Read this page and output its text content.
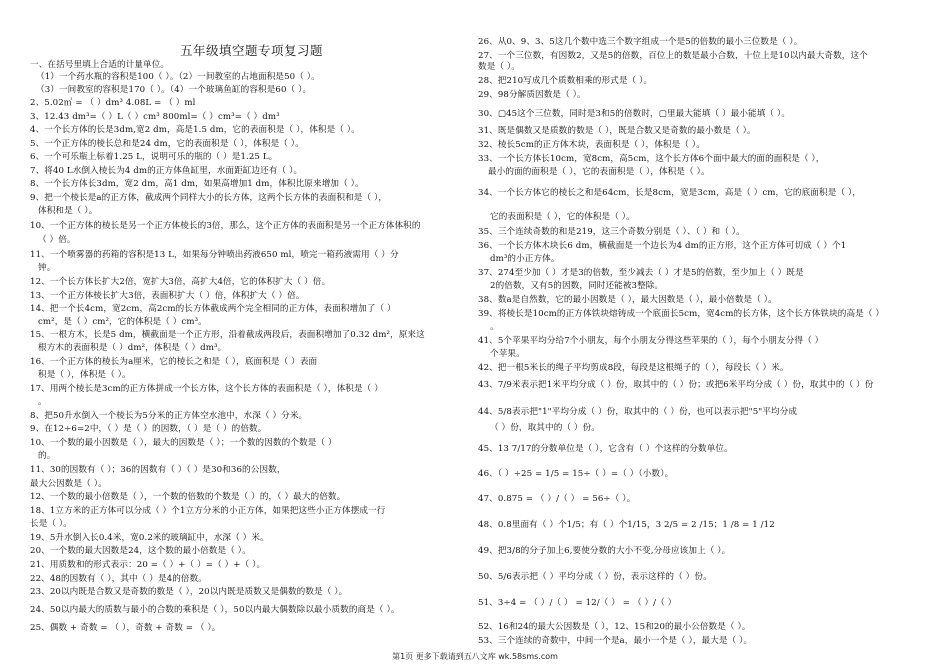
五年级填空题专项复习题
一、在括号里填上合适的计量单位。
（1）一个药水瓶的容积是100（ ）。（2）一间教室的占地面积是50（ ）。
（3）一间教室的容积是170（ ）。（4）一个玻璃鱼缸的容积是60（ ）。
2、5.02㎥ = （ ）dm³ 4.08L = （ ）ml
3、12.43 dm³=（ ）L（ ）cm³ 800ml=（ ）cm³=（ ）dm³
4、一个长方体的长是3dm,宽2 dm，高是1.5 dm，它的表面积是（ ），体积是（ ）。
5、一个正方体的棱长总和是24 dm，它的表面积是（ ），体积是（ ）。
6、一个可乐瓶上标着1.25 L，说明可乐的瓶的（ ）是1.25 L。
7、将40 L水倒入棱长为4 dm的正方体鱼缸里，水面距缸边还有（ ）。
8、一个长方体长3dm，宽2 dm，高1 dm，如果高增加1 dm，体积比原来增加（ ）。
9、把一个棱长是a的正方体，截成两个同样大小的长方体，这两个长方体的表面积和是（ ），
体积和是（ ）。
10、一个正方体的棱长是另一个正方体棱长的3倍，那么，这个正方体的表面积是另一个正方体体积的
（ ）倍。
11、一个喷雾器的药箱的容积是13 L，如果每分钟喷出药液650 ml，喷完一箱药液需用（ ）分
钟。
12、一个长方体长扩大2倍，宽扩大3倍，高扩大4倍，它的体积扩大（ ）倍。
13、一个正方体棱长扩大3倍，表面积扩大（ ）倍，体积扩大（ ）倍。
14、把一个长4cm，宽2cm，高2cm的长方体截成两个完全相同的正方体，表面积增加了（ ）
cm²，是（ ）cm²，它的体积是（ ）cm³。
15、一根方木，长是5 dm，横截面是一个正方形，沿着截成两段后，表面积增加了0.32 dm²，原来这
根方木的表面积是（ ）dm²，体积是（ ）dm³。
16、一个正方体的棱长为a厘米，它的棱长之和是（ ），底面积是（ ）表面
积是（ ），体积是（ ）。
17、用两个棱长是3cm的正方体拼成一个长方体，这个长方体的表面积是（ ），体积是（ ）
。
8、把50升水倒入一个棱长为5分米的正方体空水池中，水深（ ）分米。
9、在12÷6=2中，（ ）是（ ）的因数，（ ）是（ ）的倍数。
10、一个数的最小因数是（ ），最大的因数是（ ）；一个数的因数的个数是（ ）
的。
11、30的因数有（ ）；36的因数有（ ）（ ）是30和36的公因数，
最大公因数是（ ）。
12、一个数的最小倍数是（ ），一个数的倍数的个数是（ ）的，（ ）最大的倍数。
18、1立方米的正方体可以分成（ ）个1立方分米的小正方体，如果把这些小正方体摆成一行
长是（ ）。
19、5升水倒入长0.4米，宽0.2米的玻璃缸中，水深（ ）米。
20、一个数的最大因数是24，这个数的最小倍数是（ ）。
21、用质数和的形式表示：20 =（ ）+（ ）=（ ）+（ ）。
22、48的因数有（ ），其中（ ）是4的倍数。
23、20以内既是合数又是奇数的数是（ ），20以内既是质数又是偶数的数是（ ）。
24、50以内最大的质数与最小的合数的乘积是（ ），50以内最大偶数除以最小质数的商是（ ）。
25、偶数 + 奇数 = （ ），奇数 + 奇数 = （ ）。
26、从0、9、3、5这几个数中选三个数字组成一个是5的倍数的最小三位数是（ ）。
27、一个三位数，有因数2，又是5的倍数，百位上的数是最小合数，十位上是10以内最大奇数，这个
数是（ ）。
28、把210写成几个质数相乘的形式是（ ）。
29、98分解质因数是（ ）。
30、▢45这个三位数，同时是3和5的倍数时，▢里最大能填（ ）最小能填（ ）。
31、既是偶数又是质数的数是（ ），既是合数又是奇数的最小数是（ ）。
32、棱长5cm的正方体木块，表面积是（ ），体积是（ ）。
33、一个长方体长10cm，宽8cm，高5cm，这个长方体6个面中最大的面的面积是（ ），
最小的面的面积是（ ），它的表面积是（ ），体积是（ ）。
34、一个长方体它的棱长之和是64cm，长是8cm，宽是3cm，高是（ ）cm，它的底面积是（ ），
它的表面积是（ ），它的体积是（ ）。
35、三个连续奇数的和是219，这三个奇数分别是（ ）、（ ）和（ ）。
36、一个长方体木块长6 dm，横截面是一个边长为4 dm的正方形，这个正方体可切成（ ）个1
dm³的小正方体。
37、274至少加（ ）才是3的倍数，至少减去（ ）才是5的倍数，至少加上（ ）既是
2的倍数，又有5的因数，同时还能被3整除。
38、数a是自然数，它的最小因数是（ ），最大因数是（ ），最小倍数是（ ）。
39、将棱长是10cm的正方体铁块熔铸成一个底面长5cm，宽4cm的长方体，这个长方体铁块的高是（ ）
。
41、5个苹果平均分给7个小朋友，每个小朋友分得这些苹果的（ ），每个小朋友分得（ ）
个苹果。
42、把一根5米长的绳子平均剪成8段，每段是这根绳子的（ ），每段长（ ）米。
43、7/9米表示把1米平均分成（ ）份，取其中的（ ）份；或把6米平均分成（ ）份，取其中的（ ）份
44、5/8表示把"1"平均分成（ ）份，取其中的（ ）份，也可以表示把"5"平均分成
（ ）份，取其中的（ ）份。
45、13 7/17的分数单位是（ ），它含有（ ）个这样的分数单位。
46、（ ）÷25 = 1/5 = 15÷（ ）=（ ）（小数）。
47、0.875 = （ ）/（ ） = 56÷（ ）。
48、0.8里面有（ ）个1/5；有（ ）个1/15，3 2/5 = 2 /15；1 /8 = 1 /12
49、把3/8的分子加上6,要使分数的大小不变,分母应该加上（ ）。
50、5/6表示把（ ）平均分成（ ）份，表示这样的（ ）份。
51、3÷4 = （ ）/（ ） = 12/（ ） = （ ）/（ ）
52、16和24的最大公因数是（ ），12、15和20的最小公倍数是（ ）。
53、三个连续的奇数中，中间一个是a，最小一个是（ ），最大是（ ）。
第1页 更多下载请到五八文库 wk.58sms.com
